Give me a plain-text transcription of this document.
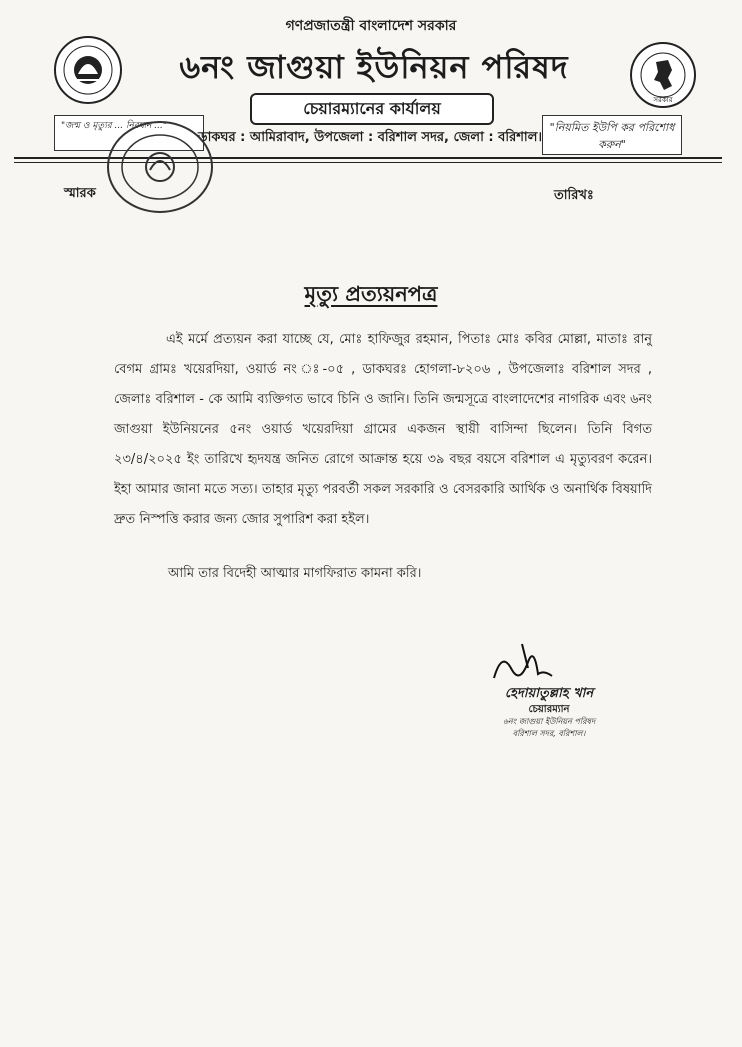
সরকার
গণপ্রজাতন্ত্রী বাংলাদেশ সরকার
৬নং জাগুয়া ইউনিয়ন পরিষদ
চেয়ারম্যানের কার্যালয়
"জন্ম ও মৃত্যুর ... নিবন্ধন ..."
ডাকঘর : আমিরাবাদ, উপজেলা : বরিশাল সদর, জেলা : বরিশাল।
"নিয়মিত ইউপি কর পরিশোধ করুন"
স্মারক	তারিখঃ
মৃত্যু প্রত্যয়নপত্র
এই মর্মে প্রত্যয়ন করা যাচ্ছে যে, মোঃ হাফিজুর রহমান, পিতাঃ মোঃ কবির মোল্লা, মাতাঃ রানু বেগম গ্রামঃ খয়েরদিয়া, ওয়ার্ড নং ঃ-০৫ , ডাকঘরঃ হোগলা-৮২০৬ , উপজেলাঃ বরিশাল সদর , জেলাঃ বরিশাল - কে আমি ব্যক্তিগত ভাবে চিনি ও জানি। তিনি জন্মসূত্রে বাংলাদেশের নাগরিক এবং ৬নং জাগুয়া ইউনিয়নের ৫নং ওয়ার্ড খয়েরদিয়া গ্রামের একজন স্থায়ী বাসিন্দা ছিলেন। তিনি বিগত ২৩/৪/২০২৫ ইং তারিখে হৃদযন্ত্র জনিত রোগে আক্রান্ত হয়ে ৩৯ বছর বয়সে বরিশাল এ মৃত্যুবরণ করেন। ইহা আমার জানা মতে সত্য। তাহার মৃত্যু পরবর্তী সকল সরকারি ও বেসরকারি আর্থিক ও অনার্থিক বিষয়াদি দ্রুত নিস্পত্তি করার জন্য জোর সুপারিশ করা হইল।
আমি তার বিদেহী আত্মার মাগফিরাত কামনা করি।
হেদায়াতুল্লাহ খান
চেয়ারম্যান
৬নং জাগুয়া ইউনিয়ন পরিষদ
বরিশাল সদর, বরিশাল।
